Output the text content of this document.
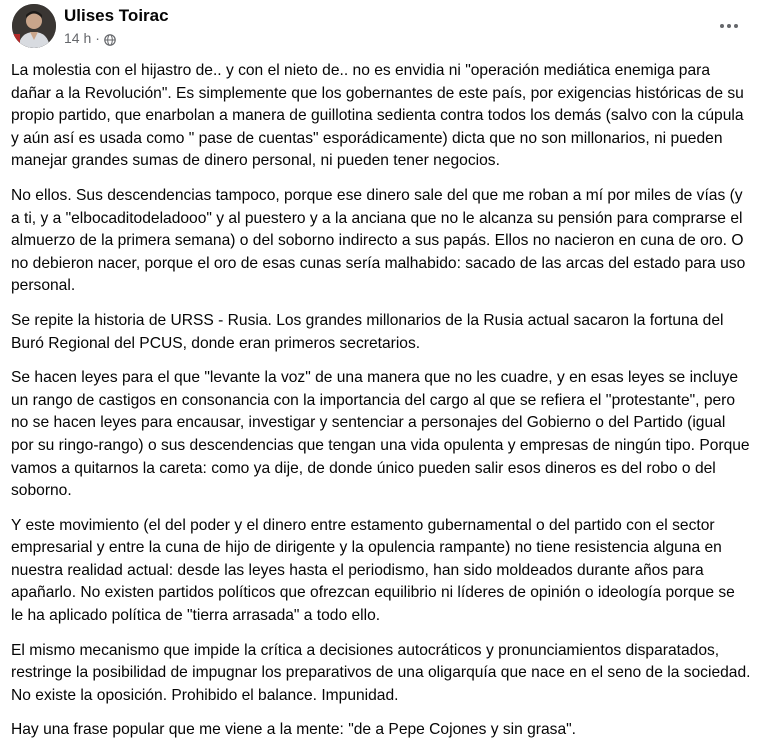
Ulises Toirac
14 h ·

La molestia con el hijastro de.. y con el nieto de.. no es envidia ni "operación mediática enemiga para dañar a la Revolución". Es simplemente que los gobernantes de este país, por exigencias históricas de su propio partido, que enarbolan a manera de guillotina sedienta contra todos los demás (salvo con la cúpula y aún así es usada como " pase de cuentas" esporádicamente) dicta que no son millonarios, ni pueden manejar grandes sumas de dinero personal, ni pueden tener negocios.

No ellos. Sus descendencias tampoco, porque ese dinero sale del que me roban a mí por miles de vías (y a ti, y a "elbocaditodeladooo" y al puestero y a la anciana que no le alcanza su pensión para comprarse el almuerzo de la primera semana) o del soborno indirecto a sus papás. Ellos no nacieron en cuna de oro. O no debieron nacer, porque el oro de esas cunas sería malhabido: sacado de las arcas del estado para uso personal.

Se repite la historia de URSS - Rusia. Los grandes millonarios de la Rusia actual sacaron la fortuna del Buró Regional del PCUS, donde eran primeros secretarios.

Se hacen leyes para el que "levante la voz" de una manera que no les cuadre, y en esas leyes se incluye un rango de castigos en consonancia con la importancia del cargo al que se refiera el ''protestante", pero no se hacen leyes para encausar, investigar y sentenciar a personajes del Gobierno o del Partido (igual por su ringo-rango) o sus descendencias que tengan una vida opulenta y empresas de ningún tipo. Porque vamos a quitarnos la careta: como ya dije, de donde único pueden salir esos dineros es del robo o del soborno.

Y este movimiento (el del poder y el dinero entre estamento gubernamental o del partido con el sector empresarial y entre la cuna de hijo de dirigente y la opulencia rampante) no tiene resistencia alguna en nuestra realidad actual: desde las leyes hasta el periodismo, han sido moldeados durante años para apañarlo. No existen partidos políticos que ofrezcan equilibrio ni líderes de opinión o ideología porque se le ha aplicado política de "tierra arrasada" a todo ello.

El mismo mecanismo que impide la crítica a decisiones autocráticos y pronunciamientos disparatados, restringe la posibilidad de impugnar los preparativos de una oligarquía que nace en el seno de la sociedad. No existe la oposición. Prohibido el balance. Impunidad.

Hay una frase popular que me viene a la mente: "de a Pepe Cojones y sin grasa".
